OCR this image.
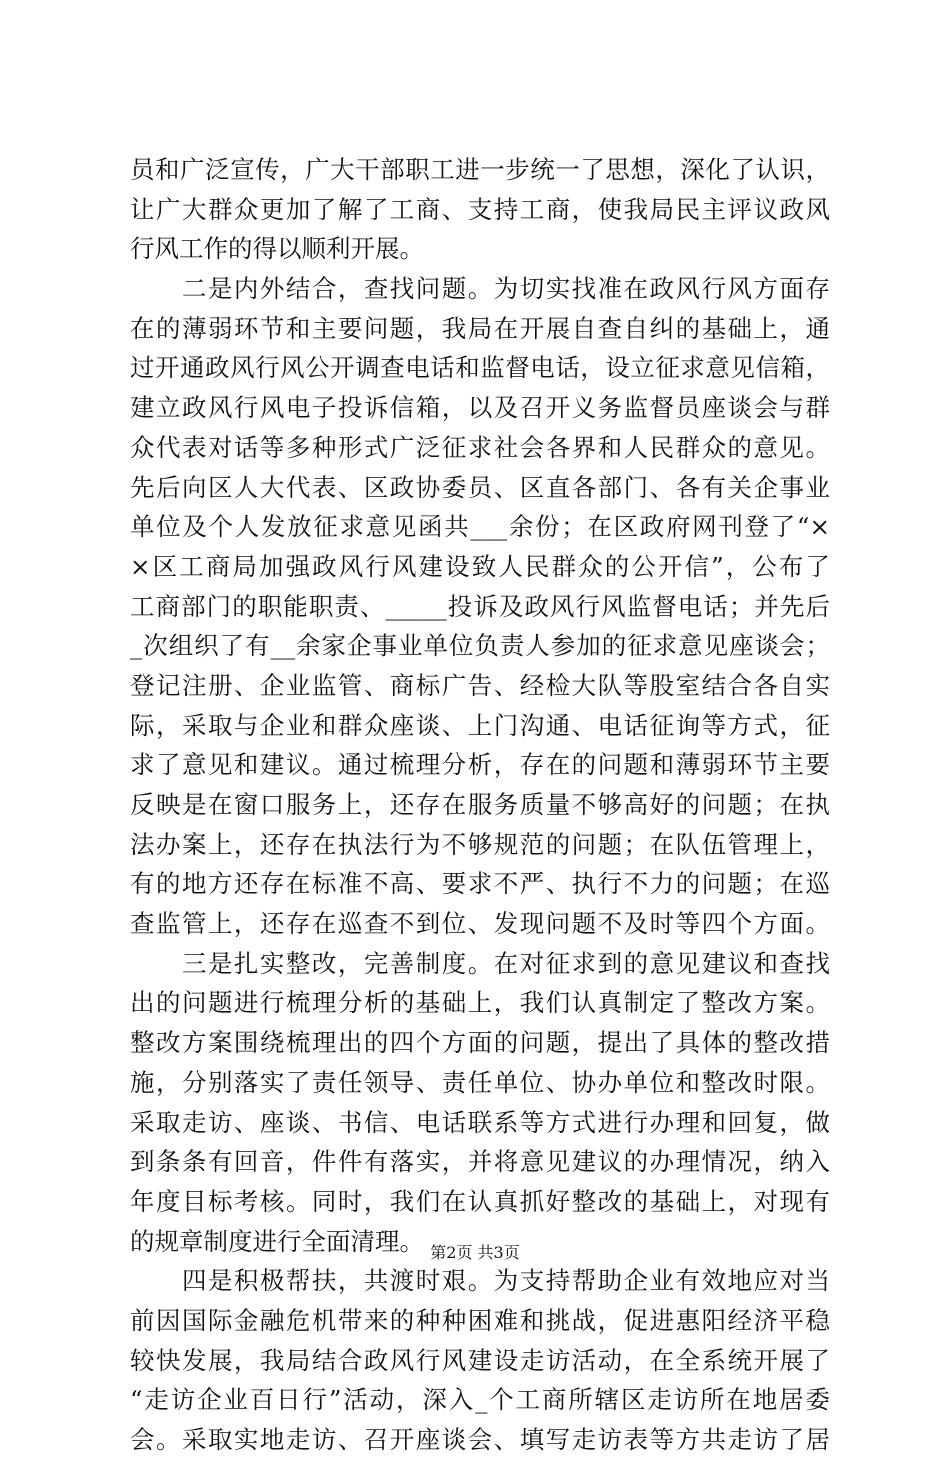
员和广泛宣传，广大干部职工进一步统一了思想，深化了认识，
让广大群众更加了解了工商、支持工商，使我局民主评议政风
行风工作的得以顺利开展。
　　二是内外结合，查找问题。为切实找准在政风行风方面存
在的薄弱环节和主要问题，我局在开展自查自纠的基础上，通
过开通政风行风公开调查电话和监督电话，设立征求意见信箱，
建立政风行风电子投诉信箱，以及召开义务监督员座谈会与群
众代表对话等多种形式广泛征求社会各界和人民群众的意见。
先后向区人大代表、区政协委员、区直各部门、各有关企事业
单位及个人发放征求意见函共___余份；在区政府网刊登了“×
×区工商局加强政风行风建设致人民群众的公开信”，公布了
工商部门的职能职责、_____投诉及政风行风监督电话；并先后
_次组织了有__余家企事业单位负责人参加的征求意见座谈会；
登记注册、企业监管、商标广告、经检大队等股室结合各自实
际，采取与企业和群众座谈、上门沟通、电话征询等方式，征
求了意见和建议。通过梳理分析，存在的问题和薄弱环节主要
反映是在窗口服务上，还存在服务质量不够高好的问题；在执
法办案上，还存在执法行为不够规范的问题；在队伍管理上，
有的地方还存在标准不高、要求不严、执行不力的问题；在巡
查监管上，还存在巡查不到位、发现问题不及时等四个方面。
　　三是扎实整改，完善制度。在对征求到的意见建议和查找
出的问题进行梳理分析的基础上，我们认真制定了整改方案。
整改方案围绕梳理出的四个方面的问题，提出了具体的整改措
施，分别落实了责任领导、责任单位、协办单位和整改时限。
采取走访、座谈、书信、电话联系等方式进行办理和回复，做
到条条有回音，件件有落实，并将意见建议的办理情况，纳入
年度目标考核。同时，我们在认真抓好整改的基础上，对现有
的规章制度进行全面清理。
　　四是积极帮扶，共渡时艰。为支持帮助企业有效地应对当
前因国际金融危机带来的种种困难和挑战，促进惠阳经济平稳
较快发展，我局结合政风行风建设走访活动，在全系统开展了
“走访企业百日行”活动，深入_个工商所辖区走访所在地居委
会。采取实地走访、召开座谈会、填写走访表等方共走访了居
第2页 共3页
